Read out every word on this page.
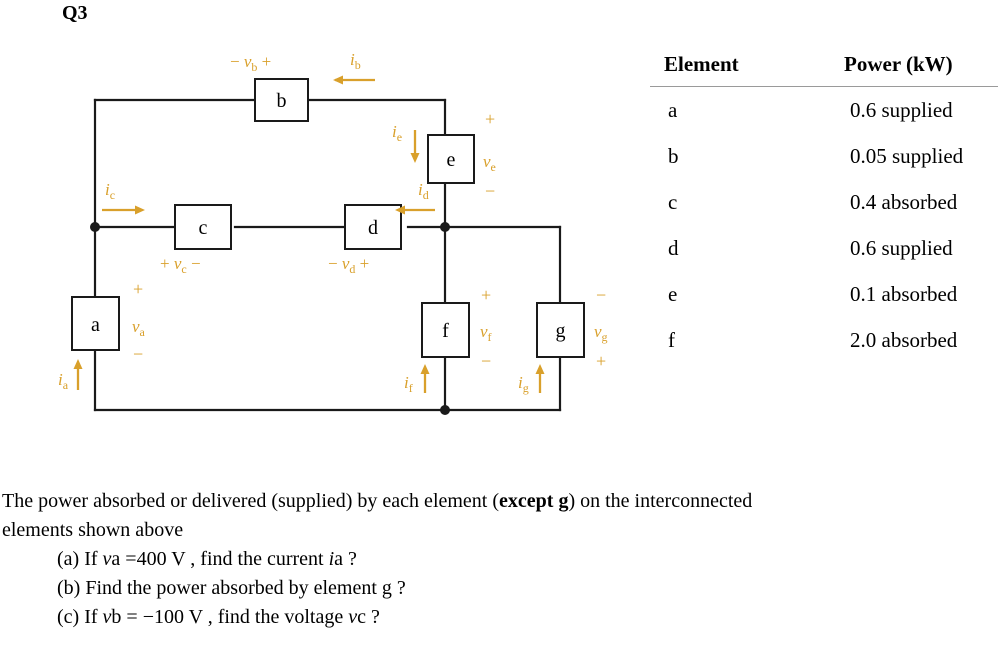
Q3
b
e
c	d
a	f	g
− $v_b$ +	$i_b$
$i_e$
+
$v_e$
−
$i_c$	$i_d$
+ $v_c$ −	− $v_d$ +
+
$v_a$
−
$i_a$
+
$v_f$
−
$i_f$
−
$v_g$
+
$i_g$
Element	Power (kW)
a	0.6 supplied
b	0.05 supplied
c	0.4 absorbed
d	0.6 supplied
e	0.1 absorbed
f	2.0 absorbed

The power absorbed or delivered (supplied) by each element (except g) on the interconnected

elements shown above

(a) If va =400 V , find the current ia ?

(b) Find the power absorbed by element g ?

(c) If vb = −100 V , find the voltage vc ?
